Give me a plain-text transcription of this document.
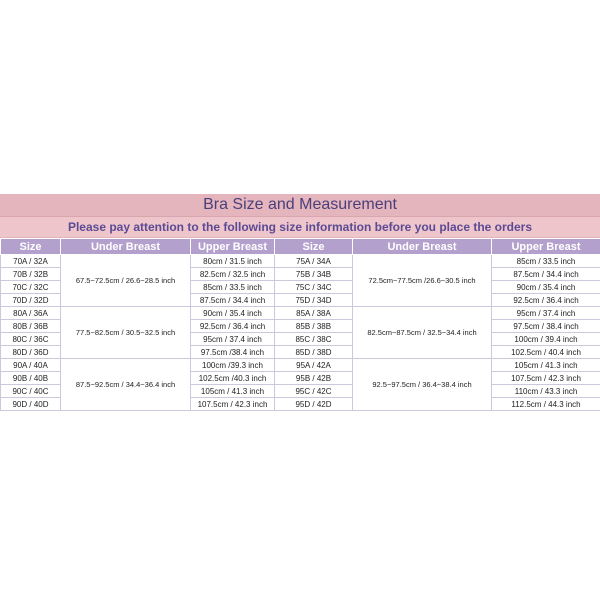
Bra Size and Measurement
Please pay attention to the following size information before you place the orders
Size	Under Breast	Upper Breast	Size	Under Breast	Upper Breast
70A / 32A	67.5~72.5cm / 26.6~28.5 inch	80cm / 31.5 inch	75A / 34A	72.5cm~77.5cm /26.6~30.5 inch	85cm / 33.5 inch
70B / 32B		82.5cm / 32.5 inch	75B / 34B		87.5cm / 34.4 inch
70C / 32C		85cm / 33.5 inch	75C / 34C		90cm / 35.4 inch
70D / 32D		87.5cm / 34.4 inch	75D / 34D		92.5cm / 36.4 inch
80A / 36A	77.5~82.5cm / 30.5~32.5 inch	90cm / 35.4 inch	85A / 38A	82.5cm~87.5cm / 32.5~34.4 inch	95cm / 37.4 inch
80B / 36B		92.5cm / 36.4 inch	85B / 38B		97.5cm / 38.4 inch
80C / 36C		95cm / 37.4 inch	85C / 38C		100cm / 39.4 inch
80D / 36D		97.5cm /38.4 inch	85D / 38D		102.5cm / 40.4 inch
90A / 40A	87.5~92.5cm / 34.4~36.4 inch	100cm /39.3 inch	95A / 42A	92.5~97.5cm / 36.4~38.4 inch	105cm / 41.3 inch
90B / 40B		102.5cm /40.3 inch	95B / 42B		107.5cm / 42.3 inch
90C / 40C		105cm / 41.3 inch	95C / 42C		110cm / 43.3 inch
90D / 40D		107.5cm / 42.3 inch	95D / 42D		112.5cm / 44.3 inch
